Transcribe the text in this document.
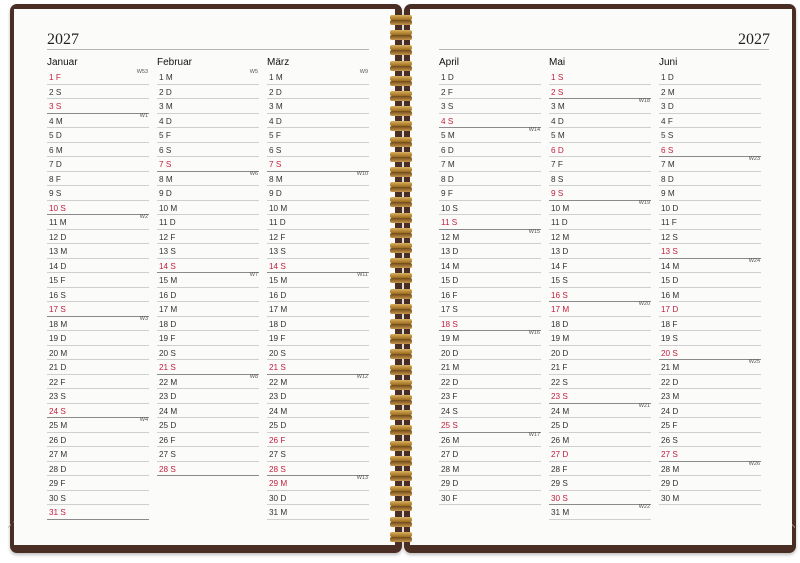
2027
Januar
1 F
W53
2 S
3 S
4 M
W1
5 D
6 M
7 D
8 F
9 S
10 S
11 M
W2
12 D
13 M
14 D
15 F
16 S
17 S
18 M
W3
19 D
20 M
21 D
22 F
23 S
24 S
25 M
W4
26 D
27 M
28 D
29 F
30 S
31 S
Februar
1 M
W5
2 D
3 M
4 D
5 F
6 S
7 S
8 M
W6
9 D
10 M
11 D
12 F
13 S
14 S
15 M
W7
16 D
17 M
18 D
19 F
20 S
21 S
22 M
W8
23 D
24 M
25 D
26 F
27 S
28 S
März
1 M
W9
2 D
3 M
4 D
5 F
6 S
7 S
8 M
W10
9 D
10 M
11 D
12 F
13 S
14 S
15 M
W11
16 D
17 M
18 D
19 F
20 S
21 S
22 M
W12
23 D
24 M
25 D
26 F
27 S
28 S
29 M
W13
30 D
31 M
2027
April
1 D
2 F
3 S
4 S
5 M
W14
6 D
7 M
8 D
9 F
10 S
11 S
12 M
W15
13 D
14 M
15 D
16 F
17 S
18 S
19 M
W16
20 D
21 M
22 D
23 F
24 S
25 S
26 M
W17
27 D
28 M
29 D
30 F
Mai
1 S
2 S
3 M
W18
4 D
5 M
6 D
7 F
8 S
9 S
10 M
W19
11 D
12 M
13 D
14 F
15 S
16 S
17 M
W20
18 D
19 M
20 D
21 F
22 S
23 S
24 M
W21
25 D
26 M
27 D
28 F
29 S
30 S
31 M
W22
Juni
1 D
2 M
3 D
4 F
5 S
6 S
7 M
W23
8 D
9 M
10 D
11 F
12 S
13 S
14 M
W24
15 D
16 M
17 D
18 F
19 S
20 S
21 M
W25
22 D
23 M
24 D
25 F
26 S
27 S
28 M
W26
29 D
30 M
